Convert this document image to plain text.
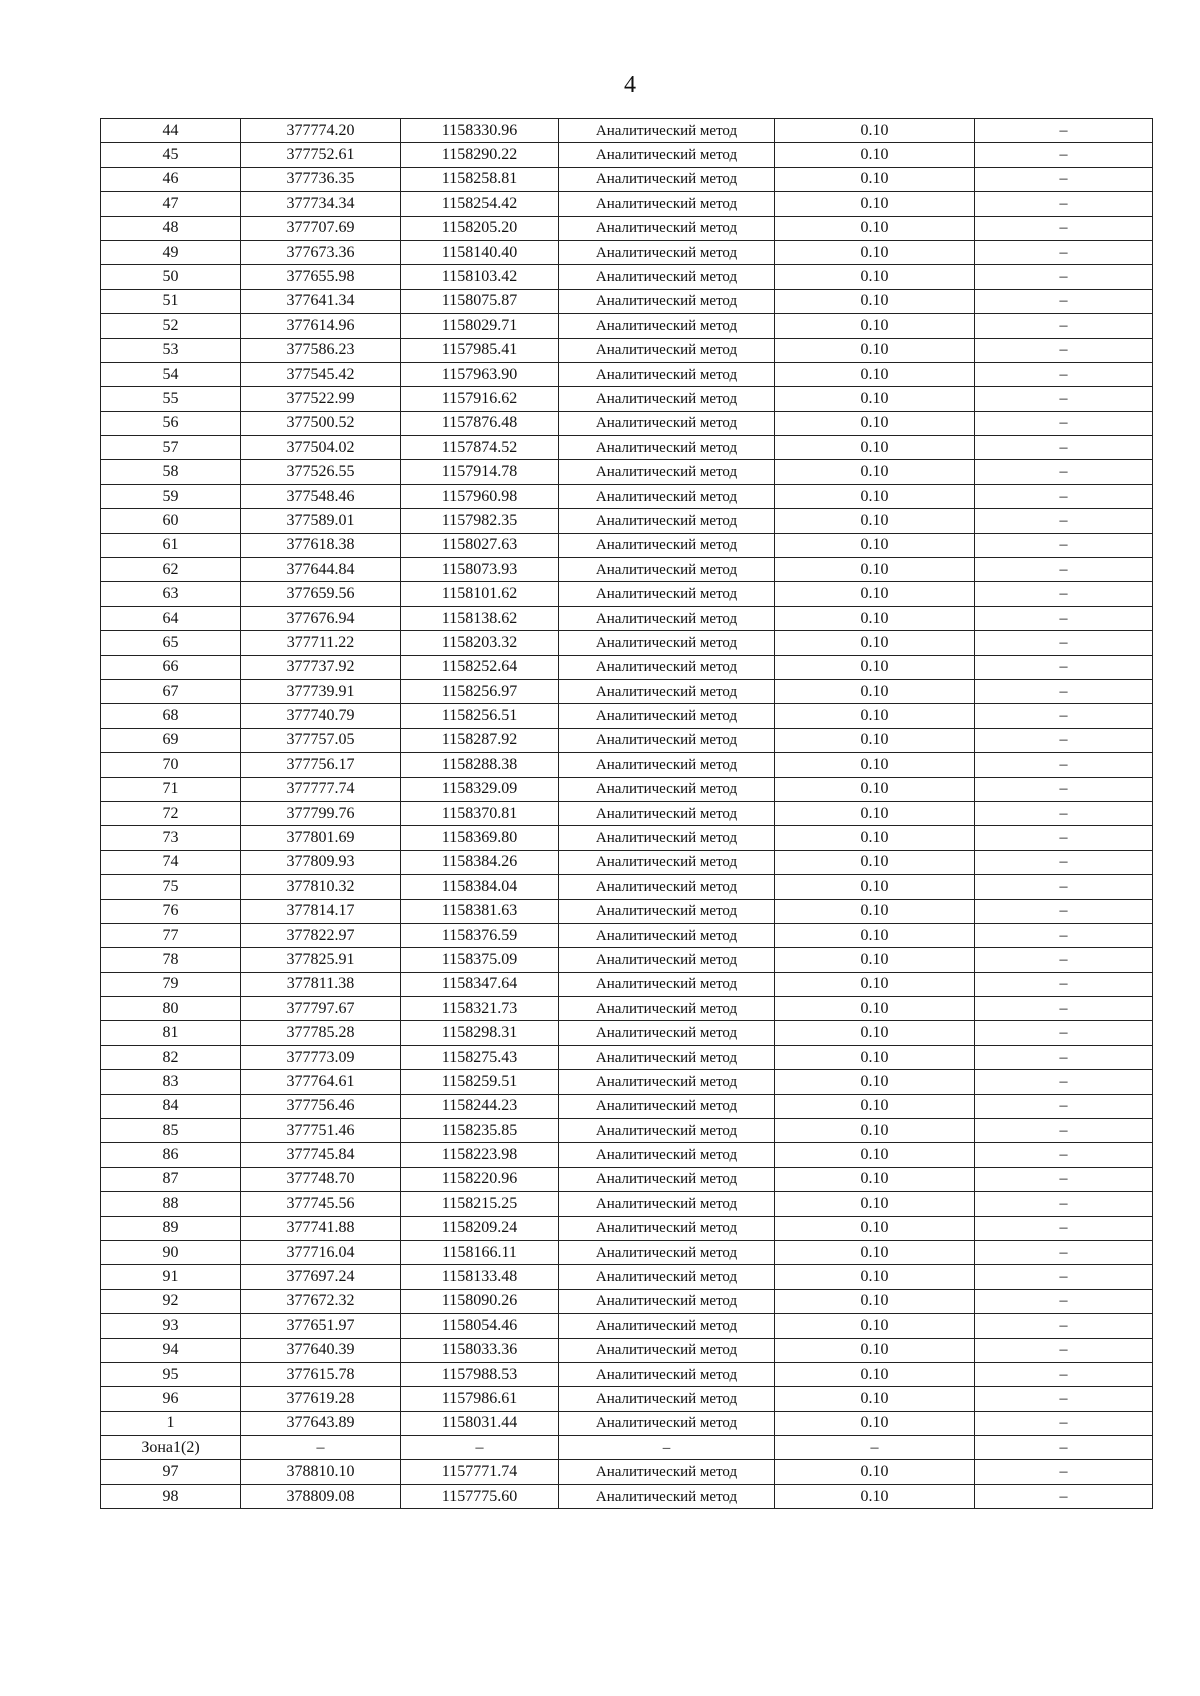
4
44	377774.20	1158330.96	Аналитический метод	0.10	–
45	377752.61	1158290.22	Аналитический метод	0.10	–
46	377736.35	1158258.81	Аналитический метод	0.10	–
47	377734.34	1158254.42	Аналитический метод	0.10	–
48	377707.69	1158205.20	Аналитический метод	0.10	–
49	377673.36	1158140.40	Аналитический метод	0.10	–
50	377655.98	1158103.42	Аналитический метод	0.10	–
51	377641.34	1158075.87	Аналитический метод	0.10	–
52	377614.96	1158029.71	Аналитический метод	0.10	–
53	377586.23	1157985.41	Аналитический метод	0.10	–
54	377545.42	1157963.90	Аналитический метод	0.10	–
55	377522.99	1157916.62	Аналитический метод	0.10	–
56	377500.52	1157876.48	Аналитический метод	0.10	–
57	377504.02	1157874.52	Аналитический метод	0.10	–
58	377526.55	1157914.78	Аналитический метод	0.10	–
59	377548.46	1157960.98	Аналитический метод	0.10	–
60	377589.01	1157982.35	Аналитический метод	0.10	–
61	377618.38	1158027.63	Аналитический метод	0.10	–
62	377644.84	1158073.93	Аналитический метод	0.10	–
63	377659.56	1158101.62	Аналитический метод	0.10	–
64	377676.94	1158138.62	Аналитический метод	0.10	–
65	377711.22	1158203.32	Аналитический метод	0.10	–
66	377737.92	1158252.64	Аналитический метод	0.10	–
67	377739.91	1158256.97	Аналитический метод	0.10	–
68	377740.79	1158256.51	Аналитический метод	0.10	–
69	377757.05	1158287.92	Аналитический метод	0.10	–
70	377756.17	1158288.38	Аналитический метод	0.10	–
71	377777.74	1158329.09	Аналитический метод	0.10	–
72	377799.76	1158370.81	Аналитический метод	0.10	–
73	377801.69	1158369.80	Аналитический метод	0.10	–
74	377809.93	1158384.26	Аналитический метод	0.10	–
75	377810.32	1158384.04	Аналитический метод	0.10	–
76	377814.17	1158381.63	Аналитический метод	0.10	–
77	377822.97	1158376.59	Аналитический метод	0.10	–
78	377825.91	1158375.09	Аналитический метод	0.10	–
79	377811.38	1158347.64	Аналитический метод	0.10	–
80	377797.67	1158321.73	Аналитический метод	0.10	–
81	377785.28	1158298.31	Аналитический метод	0.10	–
82	377773.09	1158275.43	Аналитический метод	0.10	–
83	377764.61	1158259.51	Аналитический метод	0.10	–
84	377756.46	1158244.23	Аналитический метод	0.10	–
85	377751.46	1158235.85	Аналитический метод	0.10	–
86	377745.84	1158223.98	Аналитический метод	0.10	–
87	377748.70	1158220.96	Аналитический метод	0.10	–
88	377745.56	1158215.25	Аналитический метод	0.10	–
89	377741.88	1158209.24	Аналитический метод	0.10	–
90	377716.04	1158166.11	Аналитический метод	0.10	–
91	377697.24	1158133.48	Аналитический метод	0.10	–
92	377672.32	1158090.26	Аналитический метод	0.10	–
93	377651.97	1158054.46	Аналитический метод	0.10	–
94	377640.39	1158033.36	Аналитический метод	0.10	–
95	377615.78	1157988.53	Аналитический метод	0.10	–
96	377619.28	1157986.61	Аналитический метод	0.10	–
1	377643.89	1158031.44	Аналитический метод	0.10	–
Зона1(2)	–	–	–	–	–
97	378810.10	1157771.74	Аналитический метод	0.10	–
98	378809.08	1157775.60	Аналитический метод	0.10	–
